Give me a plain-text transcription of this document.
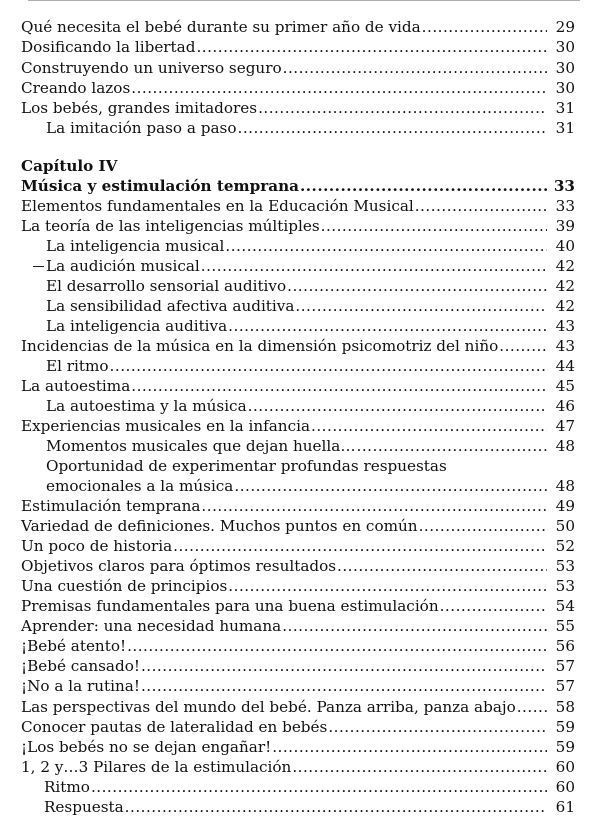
Qué necesita el bebé durante su primer año de vida .....	29
Dosificando la libertad .....	30
Construyendo un universo seguro .....	30
Creando lazos .....	30
Los bebés, grandes imitadores .....	31
La imitación paso a paso .....	31
Capítulo IV
Música y estimulación temprana .....	33
Elementos fundamentales en la Educación Musical .....	33
La teoría de las inteligencias múltiples .....	39
La inteligencia musical .....	40
La audición musical .....	42
El desarrollo sensorial auditivo .....	42
La sensibilidad afectiva auditiva .....	42
La inteligencia auditiva .....	43
Incidencias de la música en la dimensión psicomotriz del niño .....	43
El ritmo .....	44
La autoestima .....	45
La autoestima y la música .....	46
Experiencias musicales en la infancia .....	47
Momentos musicales que dejan huella… .....	48
Oportunidad de experimentar profundas respuestas
emocionales a la música .....	48
Estimulación temprana .....	49
Variedad de definiciones. Muchos puntos en común .....	50
Un poco de historia .....	52
Objetivos claros para óptimos resultados .....	53
Una cuestión de principios .....	53
Premisas fundamentales para una buena estimulación .....	54
Aprender: una necesidad humana .....	55
¡Bebé atento! .....	56
¡Bebé cansado! .....	57
¡No a la rutina! .....	57
Las perspectivas del mundo del bebé. Panza arriba, panza abajo .....	58
Conocer pautas de lateralidad en bebés .....	59
¡Los bebés no se dejan engañar! .....	59
1, 2 y…3 Pilares de la estimulación .....	60
Ritmo .....	60
Respuesta .....	61
